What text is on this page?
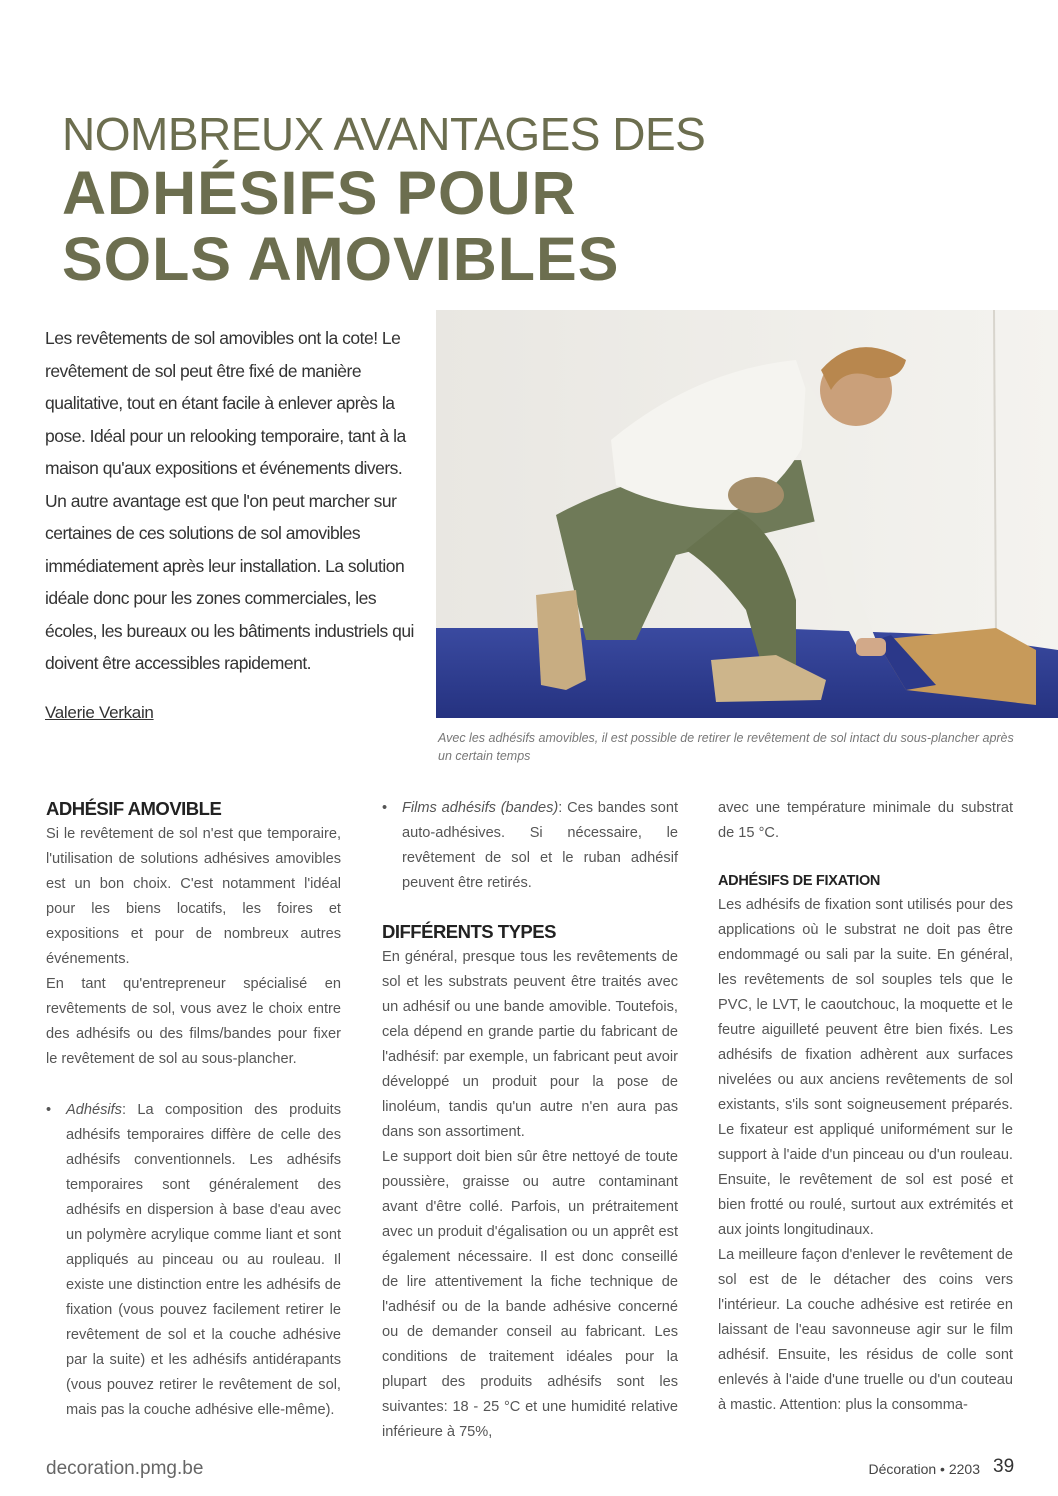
NOMBREUX AVANTAGES DES
ADHÉSIFS POUR
SOLS AMOVIBLES

Les revêtements de sol amovibles ont la cote! Le revêtement de sol peut être fixé de manière qualitative, tout en étant facile à enlever après la pose. Idéal pour un relooking temporaire, tant à la maison qu'aux expositions et événements divers. Un autre avantage est que l'on peut marcher sur certaines de ces solutions de sol amovibles immédiatement après leur installation. La solution idéale donc pour les zones commerciales, les écoles, les bureaux ou les bâtiments industriels qui doivent être accessibles rapidement.

Valerie Verkain
Avec les adhésifs amovibles, il est possible de retirer le revêtement de sol intact du sous-plancher après un certain temps
ADHÉSIF AMOVIBLE

Si le revêtement de sol n'est que temporaire, l'utilisation de solutions adhésives amovibles est un bon choix. C'est notamment l'idéal pour les biens locatifs, les foires et expositions et pour de nombreux autres événements.

En tant qu'entrepreneur spécialisé en revêtements de sol, vous avez le choix entre des adhésifs ou des films/bandes pour fixer le revêtement de sol au sous-plancher.

• Adhésifs: La composition des produits adhésifs temporaires diffère de celle des adhésifs conventionnels. Les adhésifs temporaires sont généralement des adhésifs en dispersion à base d'eau avec un polymère acrylique comme liant et sont appliqués au pinceau ou au rouleau. Il existe une distinction entre les adhésifs de fixation (vous pouvez facilement retirer le revêtement de sol et la couche adhésive par la suite) et les adhésifs antidérapants (vous pouvez retirer le revêtement de sol, mais pas la couche adhésive elle-même).

• Films adhésifs (bandes): Ces bandes sont auto-adhésives. Si nécessaire, le revêtement de sol et le ruban adhésif peuvent être retirés.

DIFFÉRENTS TYPES

En général, presque tous les revêtements de sol et les substrats peuvent être traités avec un adhésif ou une bande amovible. Toutefois, cela dépend en grande partie du fabricant de l'adhésif: par exemple, un fabricant peut avoir développé un produit pour la pose de linoléum, tandis qu'un autre n'en aura pas dans son assortiment.

Le support doit bien sûr être nettoyé de toute poussière, graisse ou autre contaminant avant d'être collé. Parfois, un prétraitement avec un produit d'égalisation ou un apprêt est également nécessaire. Il est donc conseillé de lire attentivement la fiche technique de l'adhésif ou de la bande adhésive concerné ou de demander conseil au fabricant. Les conditions de traitement idéales pour la plupart des produits adhésifs sont les suivantes: 18 - 25 °C et une humidité relative inférieure à 75%,

avec une température minimale du substrat de 15 °C.

ADHÉSIFS DE FIXATION

Les adhésifs de fixation sont utilisés pour des applications où le substrat ne doit pas être endommagé ou sali par la suite. En général, les revêtements de sol souples tels que le PVC, le LVT, le caoutchouc, la moquette et le feutre aiguilleté peuvent être bien fixés. Les adhésifs de fixation adhèrent aux surfaces nivelées ou aux anciens revêtements de sol existants, s'ils sont soigneusement préparés. Le fixateur est appliqué uniformément sur le support à l'aide d'un pinceau ou d'un rouleau. Ensuite, le revêtement de sol est posé et bien frotté ou roulé, surtout aux extrémités et aux joints longitudinaux.

La meilleure façon d'enlever le revêtement de sol est de le détacher des coins vers l'intérieur. La couche adhésive est retirée en laissant de l'eau savonneuse agir sur le film adhésif. Ensuite, les résidus de colle sont enlevés à l'aide d'une truelle ou d'un couteau à mastic. Attention: plus la consomma-

decoration.pmg.be	Décoration • 2203 39
